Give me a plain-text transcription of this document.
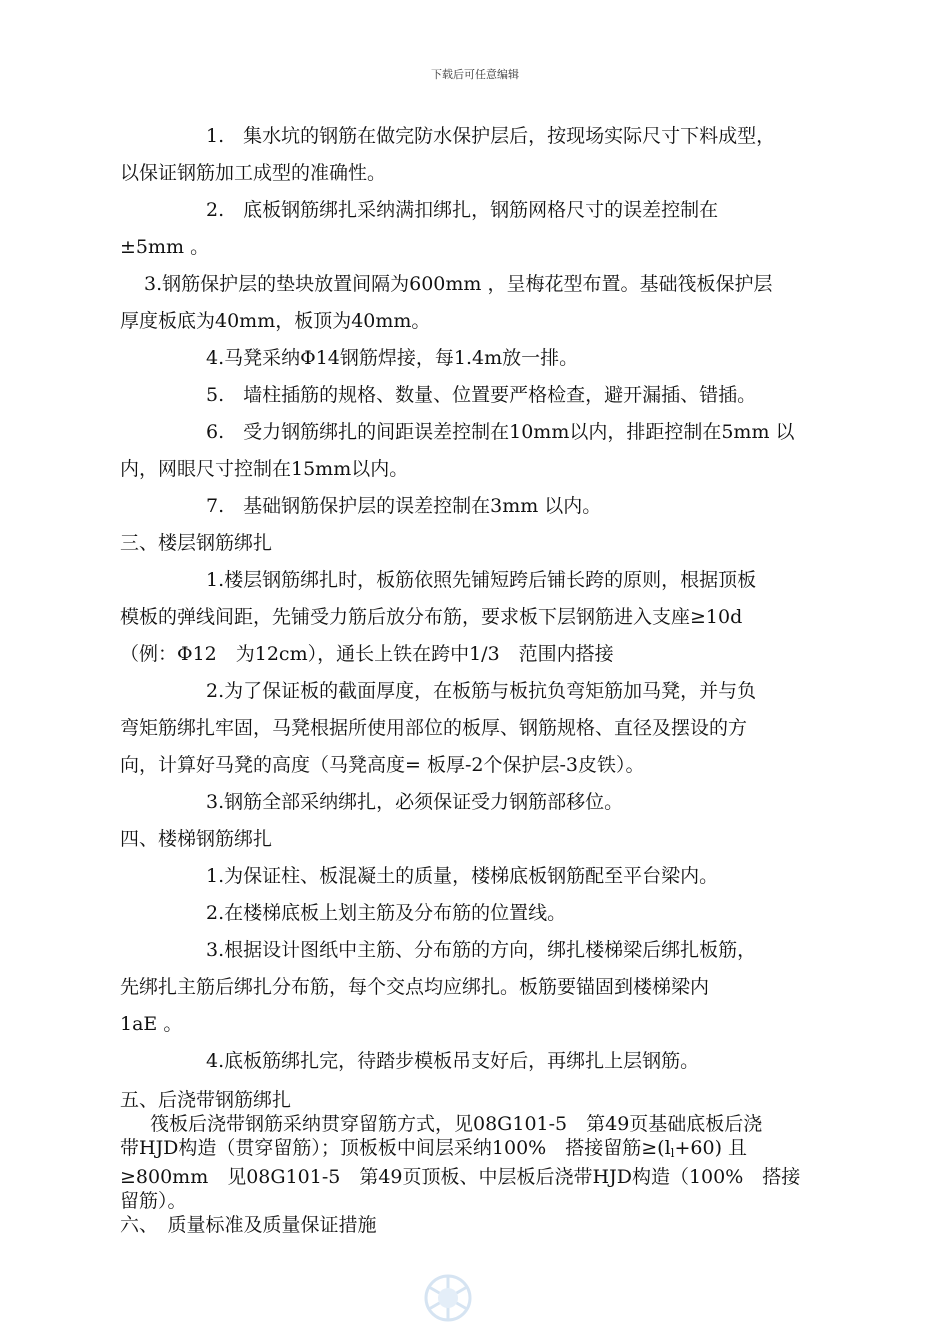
下载后可任意编辑

1.　集水坑的钢筋在做完防水保护层后，按现场实际尺寸下料成型，

以保证钢筋加工成型的准确性。

2.　底板钢筋绑扎采纳满扣绑扎，钢筋网格尺寸的误差控制在

±5mm 。

3.钢筋保护层的垫块放置间隔为600mm ，呈梅花型布置。基础筏板保护层

厚度板底为40mm，板顶为40mm。

4.马凳采纳Φ14钢筋焊接，每1.4m放一排。

5.　墙柱插筋的规格、数量、位置要严格检查，避开漏插、错插。

6.　受力钢筋绑扎的间距误差控制在10mm以内，排距控制在5mm 以

内，网眼尺寸控制在15mm以内。

7.　基础钢筋保护层的误差控制在3mm 以内。

三、楼层钢筋绑扎

1.楼层钢筋绑扎时，板筋依照先铺短跨后铺长跨的原则，根据顶板

模板的弹线间距，先铺受力筋后放分布筋，要求板下层钢筋进入支座≥10d

（例：Φ12　为12cm），通长上铁在跨中1/3　范围内搭接

2.为了保证板的截面厚度，在板筋与板抗负弯矩筋加马凳，并与负

弯矩筋绑扎牢固，马凳根据所使用部位的板厚、钢筋规格、直径及摆设的方

向，计算好马凳的高度（马凳高度= 板厚-2个保护层-3皮铁）。

3.钢筋全部采纳绑扎，必须保证受力钢筋部移位。

四、楼梯钢筋绑扎

1.为保证柱、板混凝土的质量，楼梯底板钢筋配至平台梁内。

2.在楼梯底板上划主筋及分布筋的位置线。

3.根据设计图纸中主筋、分布筋的方向，绑扎楼梯梁后绑扎板筋，

先绑扎主筋后绑扎分布筋，每个交点均应绑扎。板筋要锚固到楼梯梁内

1aE 。

4.底板筋绑扎完，待踏步模板吊支好后，再绑扎上层钢筋。

五、后浇带钢筋绑扎

筏板后浇带钢筋采纳贯穿留筋方式，见08G101-5　第49页基础底板后浇

带HJD构造（贯穿留筋）；顶板板中间层采纳100%　搭接留筋≥(ll+60) 且

≥800mm　见08G101-5　第49页顶板、中层板后浇带HJD构造（100%　搭接

留筋）。

六、　质量标准及质量保证措施
